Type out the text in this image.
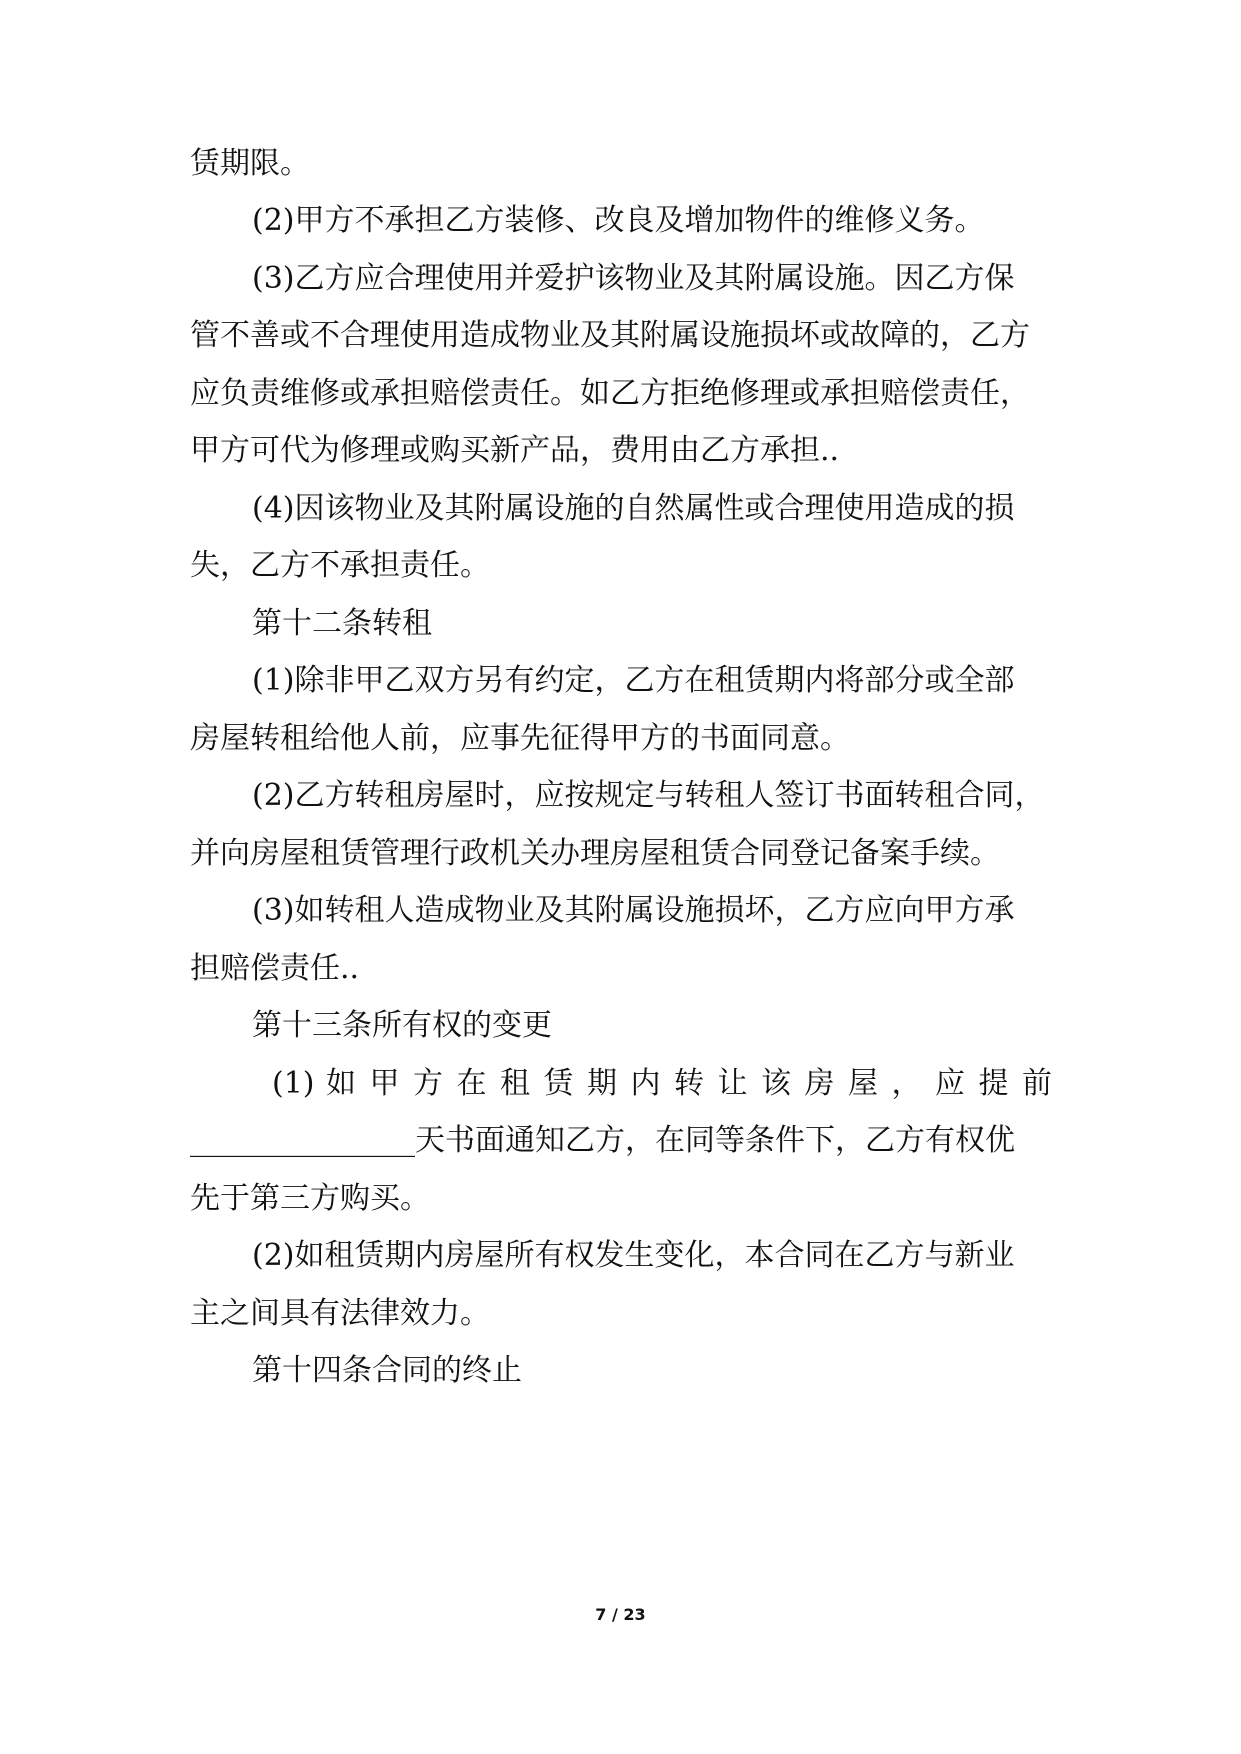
赁期限。
(2)甲方不承担乙方装修、改良及增加物件的维修义务。
(3)乙方应合理使用并爱护该物业及其附属设施。因乙方保
管不善或不合理使用造成物业及其附属设施损坏或故障的，乙方
应负责维修或承担赔偿责任。如乙方拒绝修理或承担赔偿责任，
甲方可代为修理或购买新产品，费用由乙方承担..
(4)因该物业及其附属设施的自然属性或合理使用造成的损
失，乙方不承担责任。
第十二条转租
(1)除非甲乙双方另有约定，乙方在租赁期内将部分或全部
房屋转租给他人前，应事先征得甲方的书面同意。
(2)乙方转租房屋时，应按规定与转租人签订书面转租合同，
并向房屋租赁管理行政机关办理房屋租赁合同登记备案手续。
(3)如转租人造成物业及其附属设施损坏，乙方应向甲方承
担赔偿责任..
第十三条所有权的变更
(1) 如 甲 方 在 租 赁 期 内 转 让 该 房 屋 ， 应 提 前
_______________天书面通知乙方，在同等条件下，乙方有权优
先于第三方购买。
(2)如租赁期内房屋所有权发生变化，本合同在乙方与新业
主之间具有法律效力。
第十四条合同的终止
7 / 23
